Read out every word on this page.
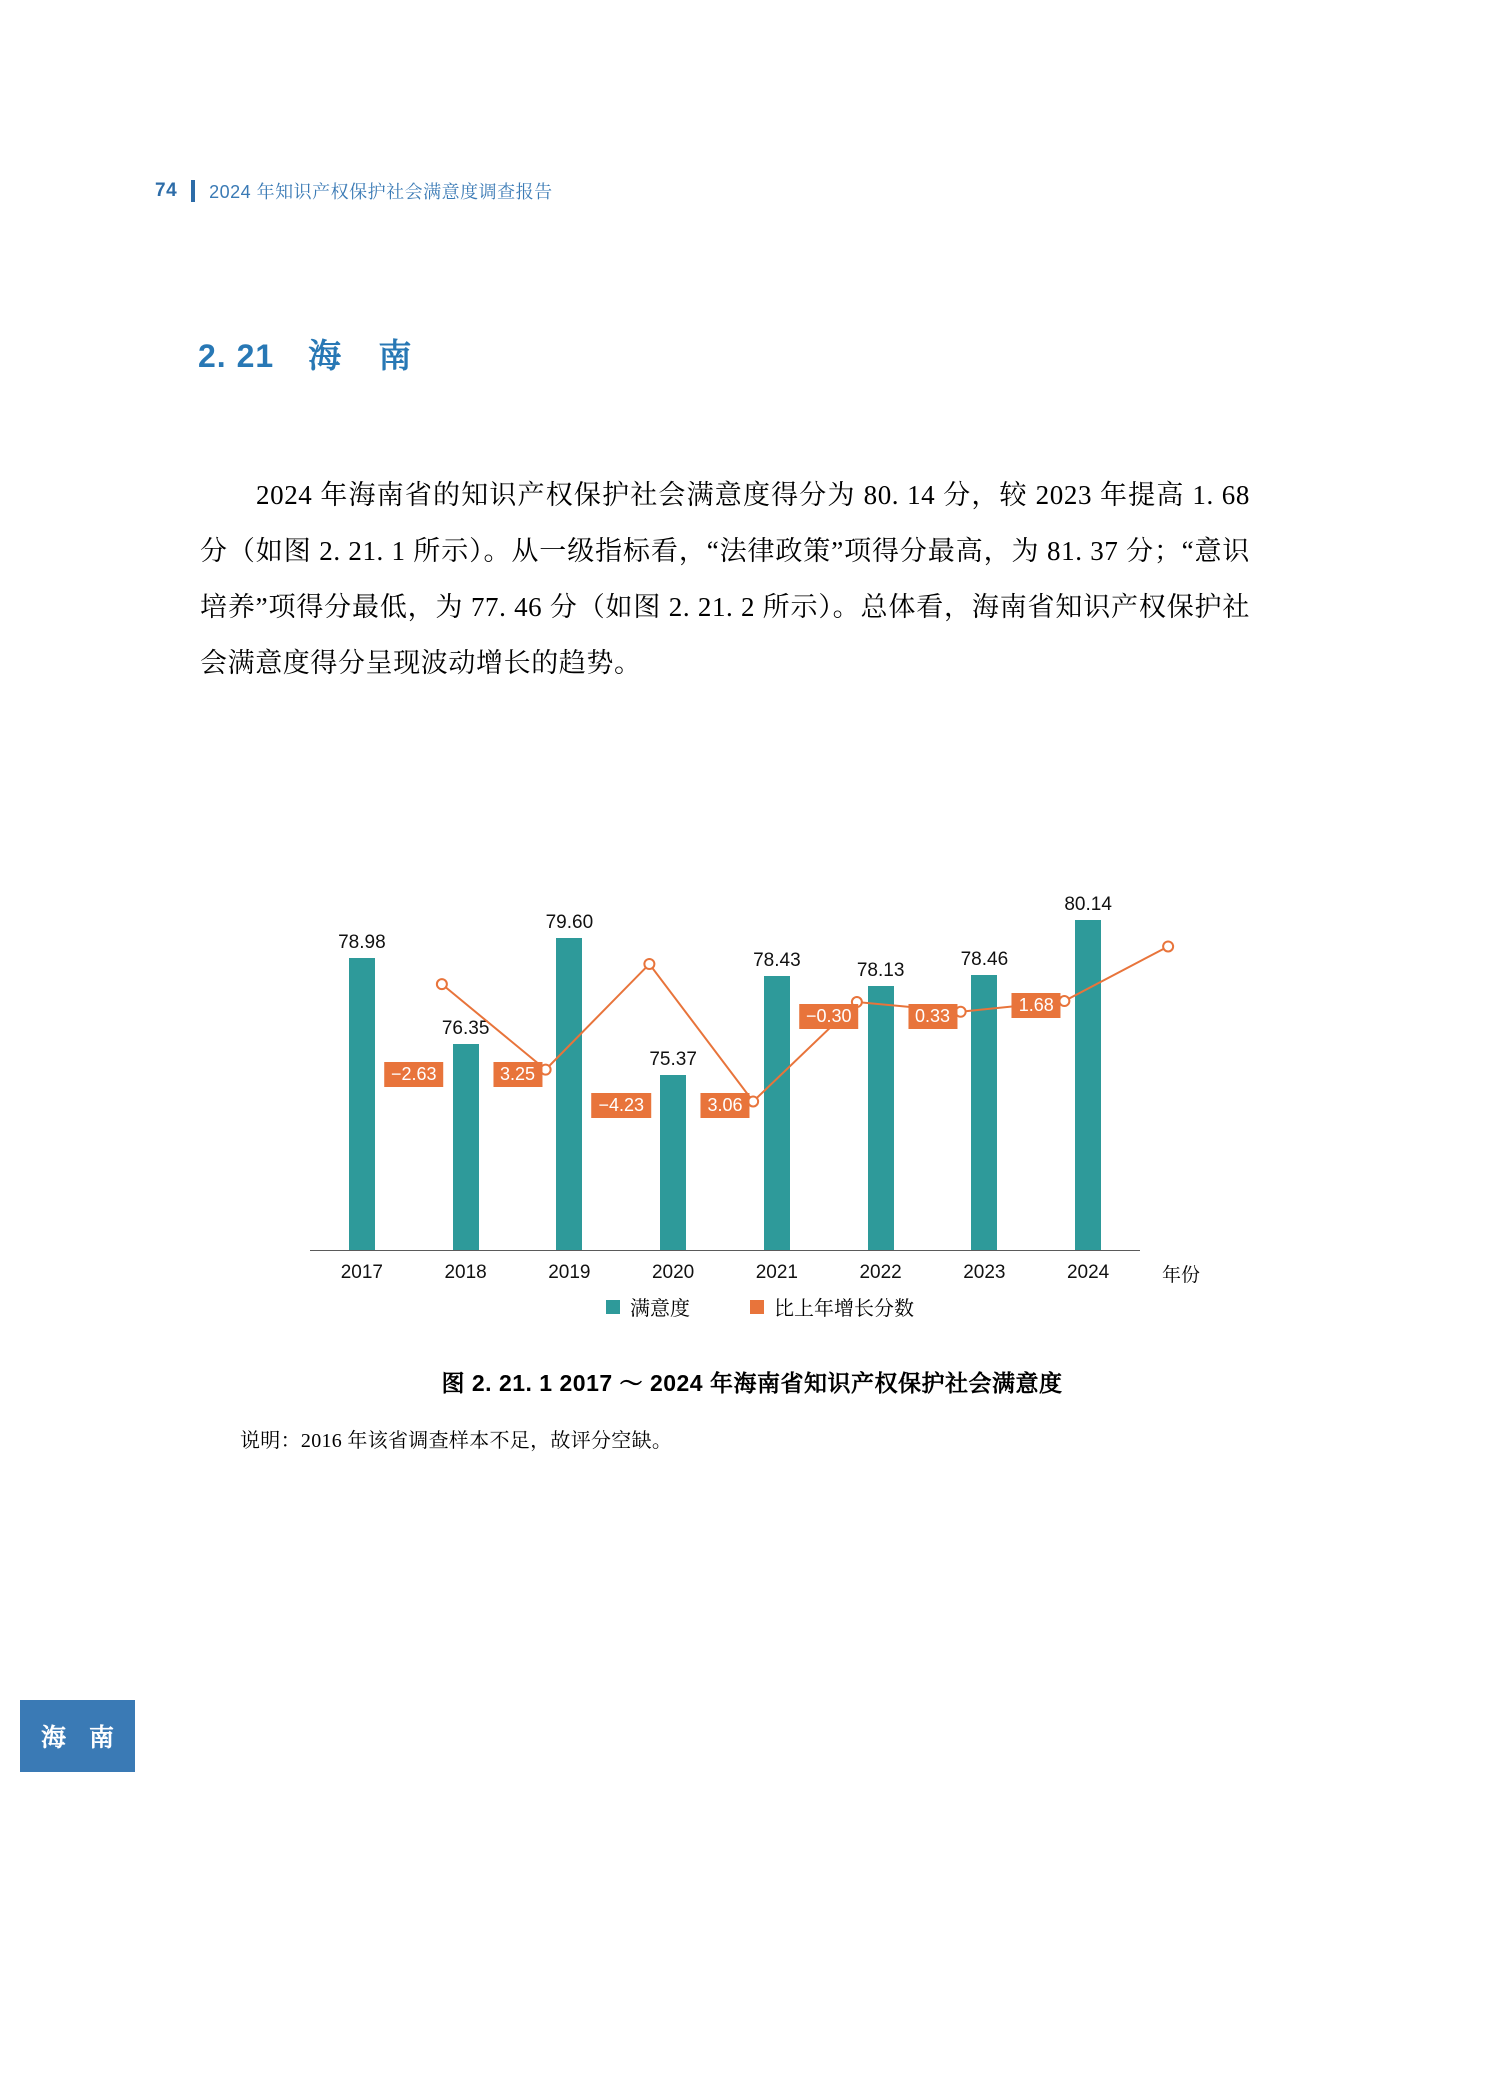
74 2024 年知识产权保护社会满意度调查报告
2. 21 海 南

2024 年海南省的知识产权保护社会满意度得分为 80. 14 分，较 2023 年提高 1. 68 分（如图 2. 21. 1 所示）。从一级指标看，“法律政策”项得分最高，为 81. 37 分；“意识培养”项得分最低，为 77. 46 分（如图 2. 21. 2 所示）。总体看，海南省知识产权保护社会满意度得分呈现波动增长的趋势。

78.98
76.35
79.60
75.37
78.43	78.13
78.46
80.14
−2.63	3.25
−4.23	3.06
−0.30	0.33
1.68
年份
满意度	比上年增长分数
2017	2018	2019	2020	2021	2022	2023	2024
图 2. 21. 1 2017 ～ 2024 年海南省知识产权保护社会满意度
说明：2016 年该省调查样本不足，故评分空缺。
海 南
